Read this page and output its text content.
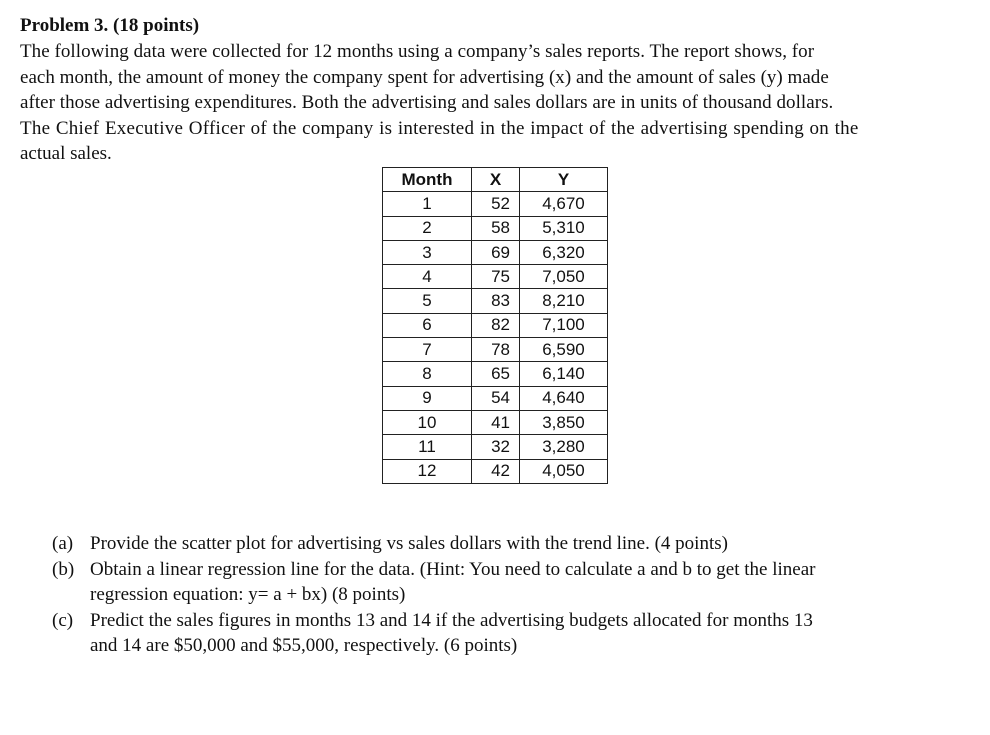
Problem 3. (18 points)
The following data were collected for 12 months using a company’s sales reports. The report shows, for
each month, the amount of money the company spent for advertising (x) and the amount of sales (y) made
after those advertising expenditures. Both the advertising and sales dollars are in units of thousand dollars.
The Chief Executive Officer of the company is interested in the impact of the advertising spending on the
actual sales.
Month	X	Y
1	52	4,670
2	58	5,310
3	69	6,320
4	75	7,050
5	83	8,210
6	82	7,100
7	78	6,590
8	65	6,140
9	54	4,640
10	41	3,850
11	32	3,280
12	42	4,050
(a) Provide the scatter plot for advertising vs sales dollars with the trend line. (4 points)
(b) Obtain a linear regression line for the data. (Hint: You need to calculate a and b to get the linear
regression equation: y= a + bx) (8 points)
(c) Predict the sales figures in months 13 and 14 if the advertising budgets allocated for months 13
and 14 are $50,000 and $55,000, respectively. (6 points)
